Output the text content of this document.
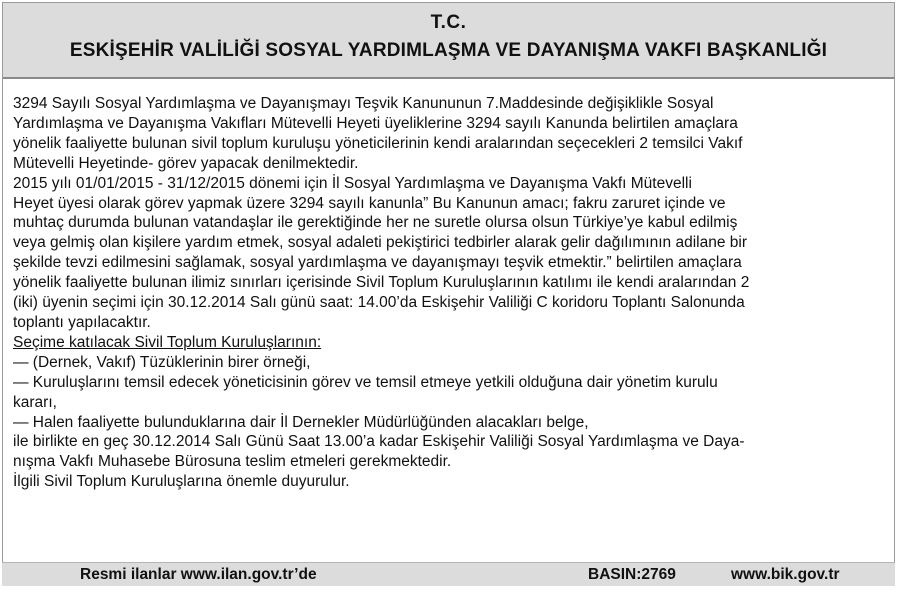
T.C.
ESKİŞEHİR VALİLİĞİ SOSYAL YARDIMLAŞMA VE DAYANIŞMA VAKFI BAŞKANLIĞI
3294 Sayılı Sosyal Yardımlaşma ve Dayanışmayı Teşvik Kanununun 7.Maddesinde değişiklikle Sosyal
Yardımlaşma ve Dayanışma Vakıfları Mütevelli Heyeti üyeliklerine 3294 sayılı Kanunda belirtilen amaçlara
yönelik faaliyette bulunan sivil toplum kuruluşu yöneticilerinin kendi aralarından seçecekleri 2 temsilci Vakıf
Mütevelli Heyetinde- görev yapacak denilmektedir.
2015 yılı 01/01/2015 - 31/12/2015 dönemi için İl Sosyal Yardımlaşma ve Dayanışma Vakfı Mütevelli
Heyet üyesi olarak görev yapmak üzere 3294 sayılı kanunla” Bu Kanunun amacı; fakru zaruret içinde ve
muhtaç durumda bulunan vatandaşlar ile gerektiğinde her ne suretle olursa olsun Türkiye’ye kabul edilmiş
veya gelmiş olan kişilere yardım etmek, sosyal adaleti pekiştirici tedbirler alarak gelir dağılımının adilane bir
şekilde tevzi edilmesini sağlamak, sosyal yardımlaşma ve dayanışmayı teşvik etmektir.” belirtilen amaçlara
yönelik faaliyette bulunan ilimiz sınırları içerisinde Sivil Toplum Kuruluşlarının katılımı ile kendi aralarından 2
(iki) üyenin seçimi için 30.12.2014 Salı günü saat: 14.00’da Eskişehir Valiliği C koridoru Toplantı Salonunda
toplantı yapılacaktır.
Seçime katılacak Sivil Toplum Kuruluşlarının:
— (Dernek, Vakıf) Tüzüklerinin birer örneği,
— Kuruluşlarını temsil edecek yöneticisinin görev ve temsil etmeye yetkili olduğuna dair yönetim kurulu
kararı,
— Halen faaliyette bulunduklarına dair İl Dernekler Müdürlüğünden alacakları belge,
ile birlikte en geç 30.12.2014 Salı Günü Saat 13.00’a kadar Eskişehir Valiliği Sosyal Yardımlaşma ve Daya-
nışma Vakfı Muhasebe Bürosuna teslim etmeleri gerekmektedir.
İlgili Sivil Toplum Kuruluşlarına önemle duyurulur.
Resmi ilanlar www.ilan.gov.tr’de	BASIN:2769	www.bik.gov.tr
